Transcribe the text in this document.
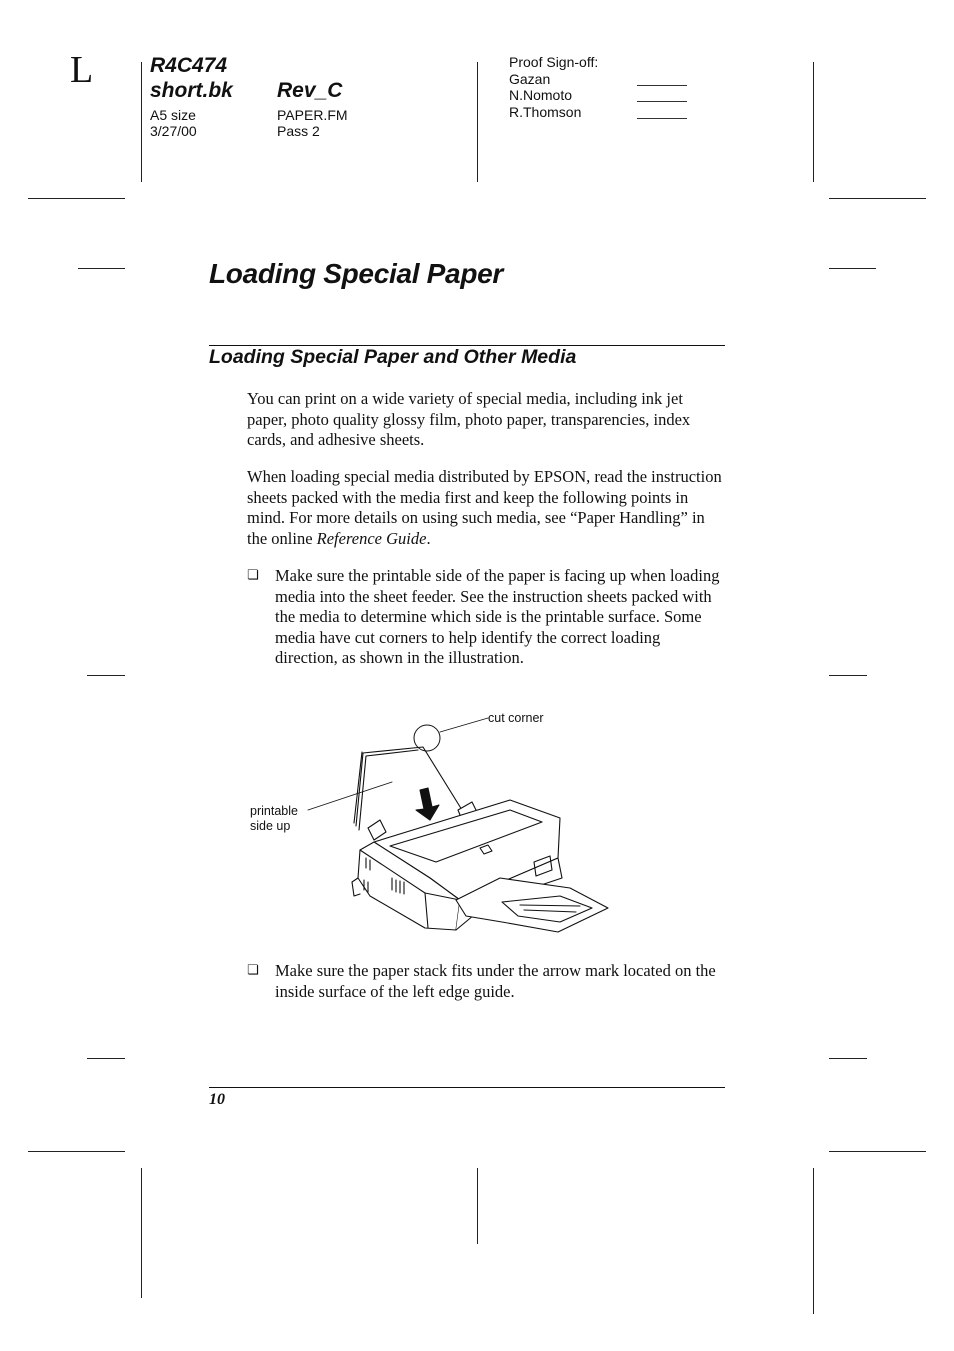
L	R4C474
short.bk Rev_C
A5 size
3/27/00
PAPER.FM
Pass 2
Proof Sign-off:
Gazan
N.Nomoto
R.Thomson
Loading Special Paper
Loading Special Paper and Other Media
You can print on a wide variety of special media, including ink jet paper, photo quality glossy film, photo paper, transparencies, index cards, and adhesive sheets.
When loading special media distributed by EPSON, read the instruction sheets packed with the media first and keep the following points in mind. For more details on using such media, see “Paper Handling” in the online Reference Guide.
❏ Make sure the printable side of the paper is facing up when loading media into the sheet feeder. See the instruction sheets packed with the media to determine which side is the printable surface. Some media have cut corners to help identify the correct loading direction, as shown in the illustration.
cut corner
printable
side up
❏ Make sure the paper stack fits under the arrow mark located on the inside surface of the left edge guide.
10
